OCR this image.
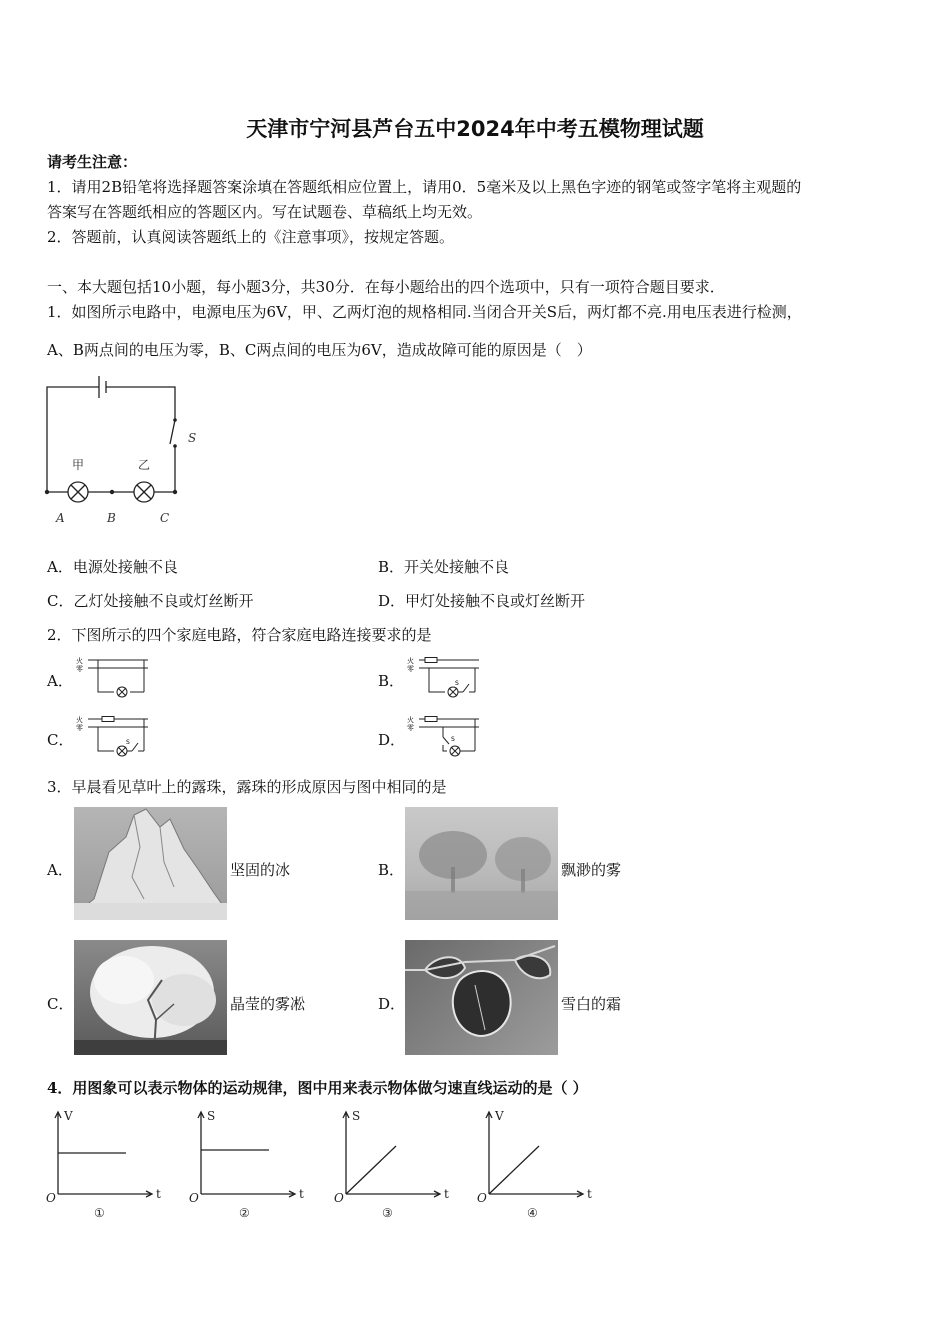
天津市宁河县芦台五中2024年中考五模物理试题
请考生注意：
1．请用2B铅笔将选择题答案涂填在答题纸相应位置上，请用0．5毫米及以上黑色字迹的钢笔或签字笔将主观题的
答案写在答题纸相应的答题区内。写在试题卷、草稿纸上均无效。
2．答题前，认真阅读答题纸上的《注意事项》，按规定答题。
一、本大题包括10小题，每小题3分，共30分．在每小题给出的四个选项中，只有一项符合题目要求．
1．如图所示电路中，电源电压为6V，甲、乙两灯泡的规格相同.当闭合开关S后，两灯都不亮.用电压表进行检测，
A、B两点间的电压为零，B、C两点间的电压为6V，造成故障可能的原因是（　）
甲	乙
S
A	B	C
A．电源处接触不良	B．开关处接触不良
C．乙灯处接触不良或灯丝断开	D．甲灯处接触不良或灯丝断开
2．下图所示的四个家庭电路，符合家庭电路连接要求的是
A．
火
零
B．
火
零
S
C．
火
零
S	D．
火
零
S
3．早晨看见草叶上的露珠，露珠的形成原因与图中相同的是
A．	坚固的冰	B．	飘渺的雾
C．	晶莹的雾凇	D．	雪白的霜
4．用图象可以表示物体的运动规律，图中用来表示物体做匀速直线运动的是（ ）
V
t
O
①
S
t
O
②
S
t
O
③
V
t
O
④
